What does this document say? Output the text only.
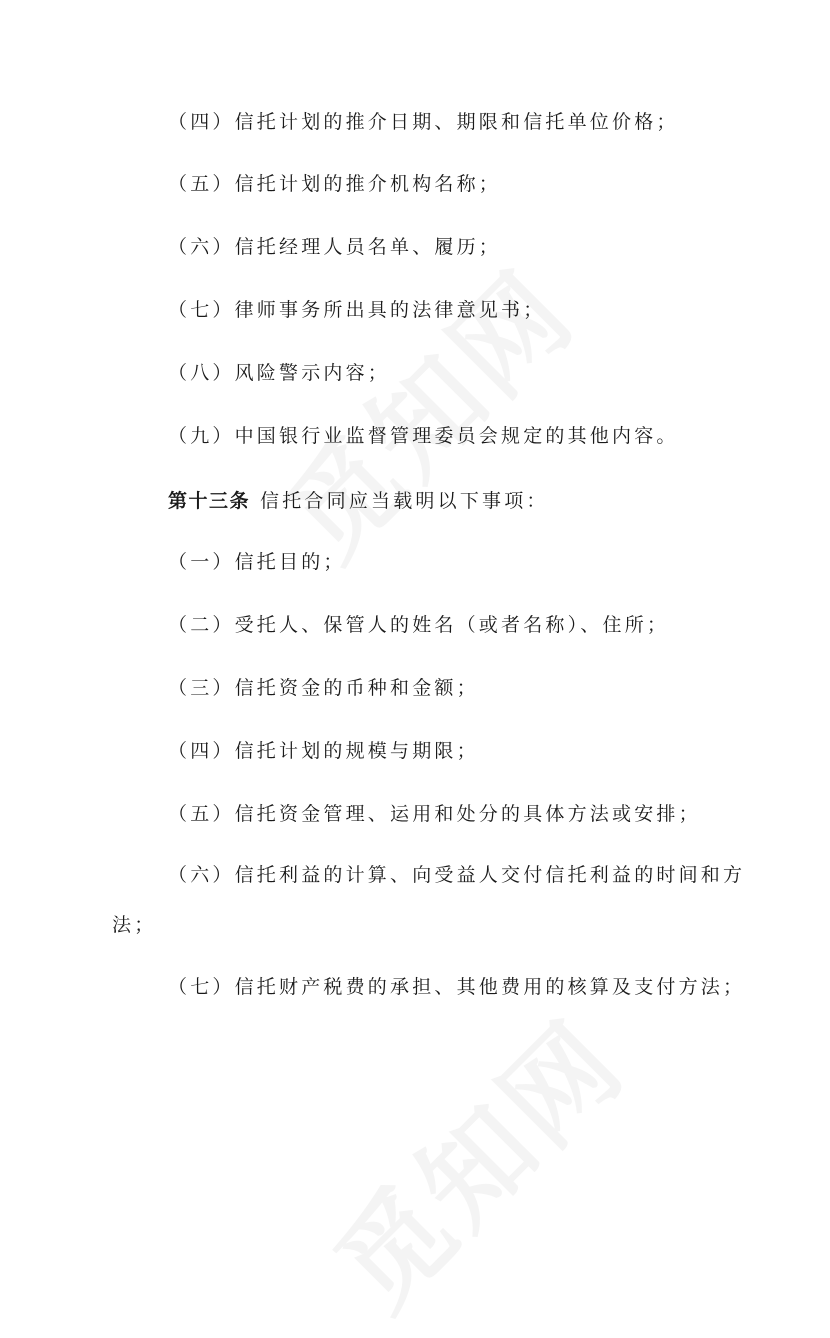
（四）信托计划的推介日期、期限和信托单位价格；
（五）信托计划的推介机构名称；
（六）信托经理人员名单、履历；
（七）律师事务所出具的法律意见书；
（八）风险警示内容；
（九）中国银行业监督管理委员会规定的其他内容。
第十三条 信托合同应当载明以下事项：
（一）信托目的；
（二）受托人、保管人的姓名（或者名称）、住所；
（三）信托资金的币种和金额；
（四）信托计划的规模与期限；
（五）信托资金管理、运用和处分的具体方法或安排；
（六）信托利益的计算、向受益人交付信托利益的时间和方
法；
（七）信托财产税费的承担、其他费用的核算及支付方法；
